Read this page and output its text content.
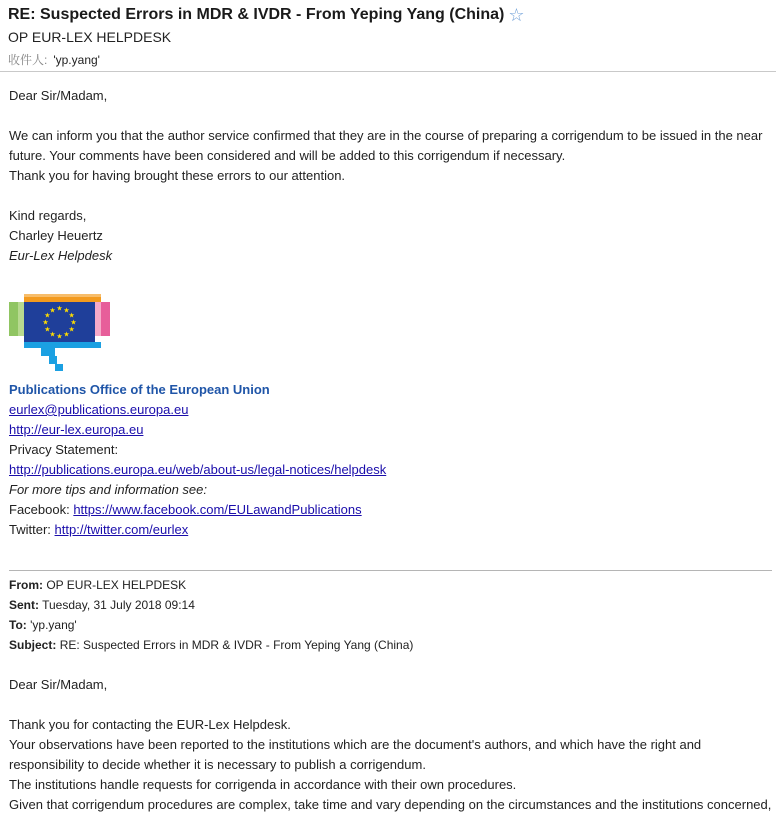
RE: Suspected Errors in MDR & IVDR - From Yeping Yang (China) ☆
OP EUR-LEX HELPDESK
收件人: 'yp.yang'

Dear Sir/Madam,

We can inform you that the author service confirmed that they are in the course of preparing a corrigendum to be issued in the near

future. Your comments have been considered and will be added to this corrigendum if necessary.

Thank you for having brought these errors to our attention.

Kind regards,

Charley Heuertz

Eur-Lex Helpdesk

★ ★
★
★
★
★
★
★
★
★
★
★

Publications Office of the European Union

eurlex@publications.europa.eu

http://eur-lex.europa.eu

Privacy Statement:

http://publications.europa.eu/web/about-us/legal-notices/helpdesk

For more tips and information see:

Facebook: https://www.facebook.com/EULawandPublications

Twitter: http://twitter.com/eurlex

From: OP EUR-LEX HELPDESK

Sent: Tuesday, 31 July 2018 09:14

To: 'yp.yang'

Subject: RE: Suspected Errors in MDR & IVDR - From Yeping Yang (China)

Dear Sir/Madam,

Thank you for contacting the EUR-Lex Helpdesk.

Your observations have been reported to the institutions which are the document's authors, and which have the right and

responsibility to decide whether it is necessary to publish a corrigendum.

The institutions handle requests for corrigenda in accordance with their own procedures.

Given that corrigendum procedures are complex, take time and vary depending on the circumstances and the institutions concerned,
